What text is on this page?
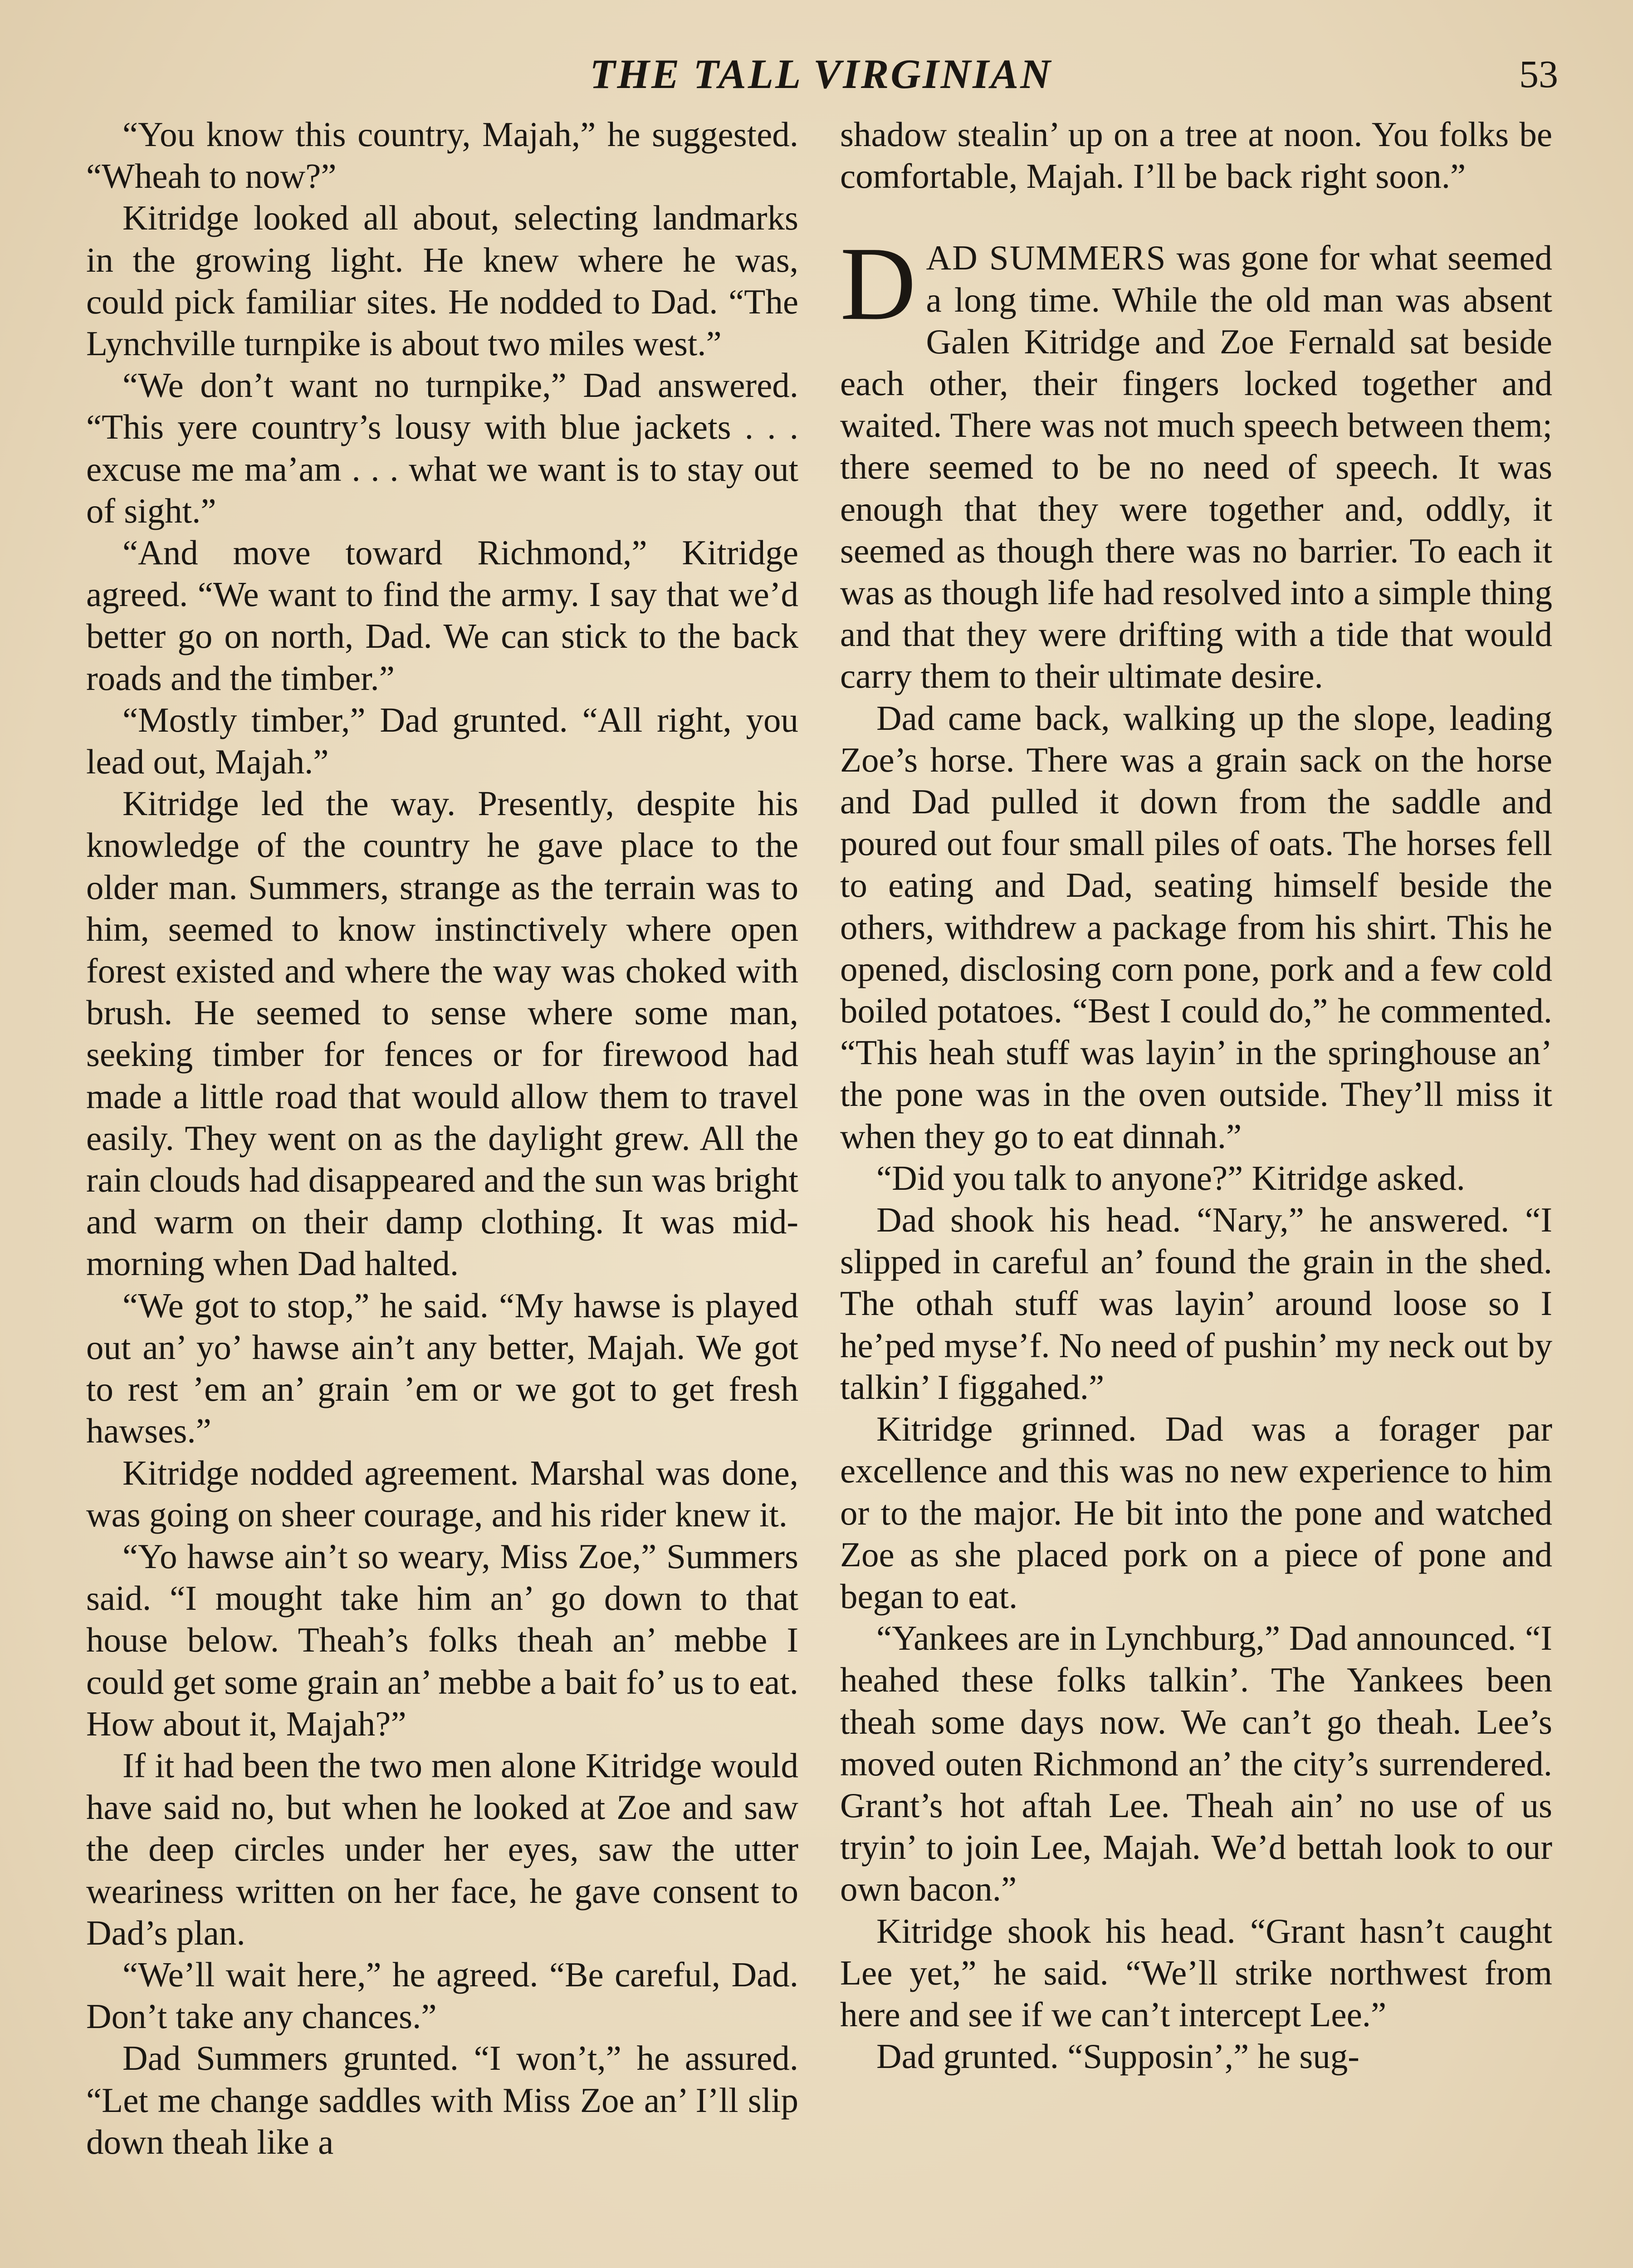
THE TALL VIRGINIAN	53

“You know this country, Majah,” he suggested. “Wheah to now?”

Kitridge looked all about, selecting landmarks in the growing light. He knew where he was, could pick familiar sites. He nodded to Dad. “The Lynchville turnpike is about two miles west.”

“We don’t want no turnpike,” Dad answered. “This yere country’s lousy with blue jackets . . . excuse me ma’am . . . what we want is to stay out of sight.”

“And move toward Richmond,” Kitridge agreed. “We want to find the army. I say that we’d better go on north, Dad. We can stick to the back roads and the timber.”

“Mostly timber,” Dad grunted. “All right, you lead out, Majah.”

Kitridge led the way. Presently, despite his knowledge of the country he gave place to the older man. Summers, strange as the terrain was to him, seemed to know instinctively where open forest existed and where the way was choked with brush. He seemed to sense where some man, seeking timber for fences or for firewood had made a little road that would allow them to travel easily. They went on as the daylight grew. All the rain clouds had disappeared and the sun was bright and warm on their damp clothing. It was mid-morning when Dad halted.

“We got to stop,” he said. “My hawse is played out an’ yo’ hawse ain’t any better, Majah. We got to rest ’em an’ grain ’em or we got to get fresh hawses.”

Kitridge nodded agreement. Marshal was done, was going on sheer courage, and his rider knew it.

“Yo hawse ain’t so weary, Miss Zoe,” Summers said. “I mought take him an’ go down to that house below. Theah’s folks theah an’ mebbe I could get some grain an’ mebbe a bait fo’ us to eat. How about it, Majah?”

If it had been the two men alone Kitridge would have said no, but when he looked at Zoe and saw the deep circles under her eyes, saw the utter weariness written on her face, he gave consent to Dad’s plan.

“We’ll wait here,” he agreed. “Be careful, Dad. Don’t take any chances.”

Dad Summers grunted. “I won’t,” he assured. “Let me change saddles with Miss Zoe an’ I’ll slip down theah like a

shadow stealin’ up on a tree at noon. You folks be comfortable, Majah. I’ll be back right soon.”

DAD SUMMERS was gone for what seemed a long time. While the old man was absent Galen Kitridge and Zoe Fernald sat beside each other, their fingers locked together and waited. There was not much speech between them; there seemed to be no need of speech. It was enough that they were together and, oddly, it seemed as though there was no barrier. To each it was as though life had resolved into a simple thing and that they were drifting with a tide that would carry them to their ultimate desire.

Dad came back, walking up the slope, leading Zoe’s horse. There was a grain sack on the horse and Dad pulled it down from the saddle and poured out four small piles of oats. The horses fell to eating and Dad, seating himself beside the others, withdrew a package from his shirt. This he opened, disclosing corn pone, pork and a few cold boiled potatoes. “Best I could do,” he commented. “This heah stuff was layin’ in the springhouse an’ the pone was in the oven outside. They’ll miss it when they go to eat dinnah.”

“Did you talk to anyone?” Kitridge asked.

Dad shook his head. “Nary,” he answered. “I slipped in careful an’ found the grain in the shed. The othah stuff was layin’ around loose so I he’ped myse’f. No need of pushin’ my neck out by talkin’ I figgahed.”

Kitridge grinned. Dad was a forager par excellence and this was no new experience to him or to the major. He bit into the pone and watched Zoe as she placed pork on a piece of pone and began to eat.

“Yankees are in Lynchburg,” Dad announced. “I heahed these folks talkin’. The Yankees been theah some days now. We can’t go theah. Lee’s moved outen Richmond an’ the city’s surrendered. Grant’s hot aftah Lee. Theah ain’ no use of us tryin’ to join Lee, Majah. We’d bettah look to our own bacon.”

Kitridge shook his head. “Grant hasn’t caught Lee yet,” he said. “We’ll strike northwest from here and see if we can’t intercept Lee.”

Dad grunted. “Supposin’,” he sug-
